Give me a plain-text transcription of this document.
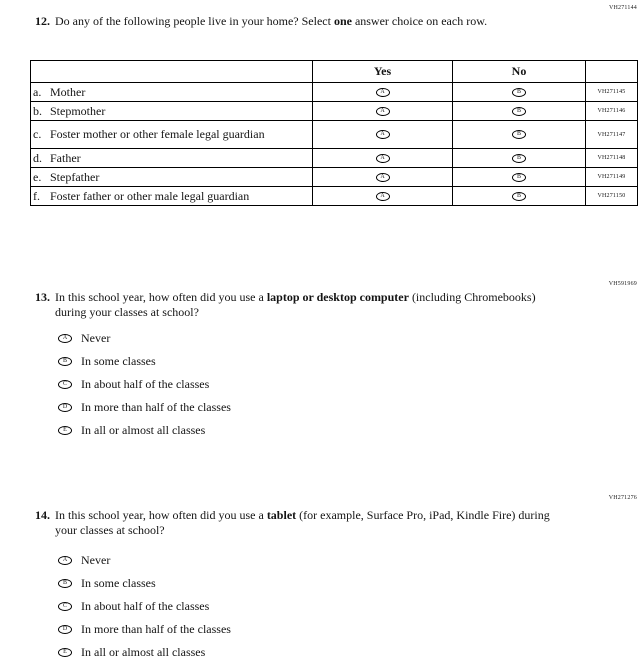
VH271144
VH591969
VH271276
12. Do any of the following people live in your home? Select one answer choice on each row.
	Yes	No	

a. Mother	A	B	VH271145

b. Stepmother	A	B	VH271146

c. Foster mother or other female legal guardian	A	B	VH271147

d. Father	A	B	VH271148

e. Stepfather	A	B	VH271149

f. Foster father or other male legal guardian	A	B	VH271150
13. In this school year, how often did you use a laptop or desktop computer (including Chromebooks) during your classes at school?
A	Never
B	In some classes
C	In about half of the classes
D	In more than half of the classes
E	In all or almost all classes
14. In this school year, how often did you use a tablet (for example, Surface Pro, iPad, Kindle Fire) during your classes at school?
A	Never
B	In some classes
C	In about half of the classes
D	In more than half of the classes
E	In all or almost all classes
